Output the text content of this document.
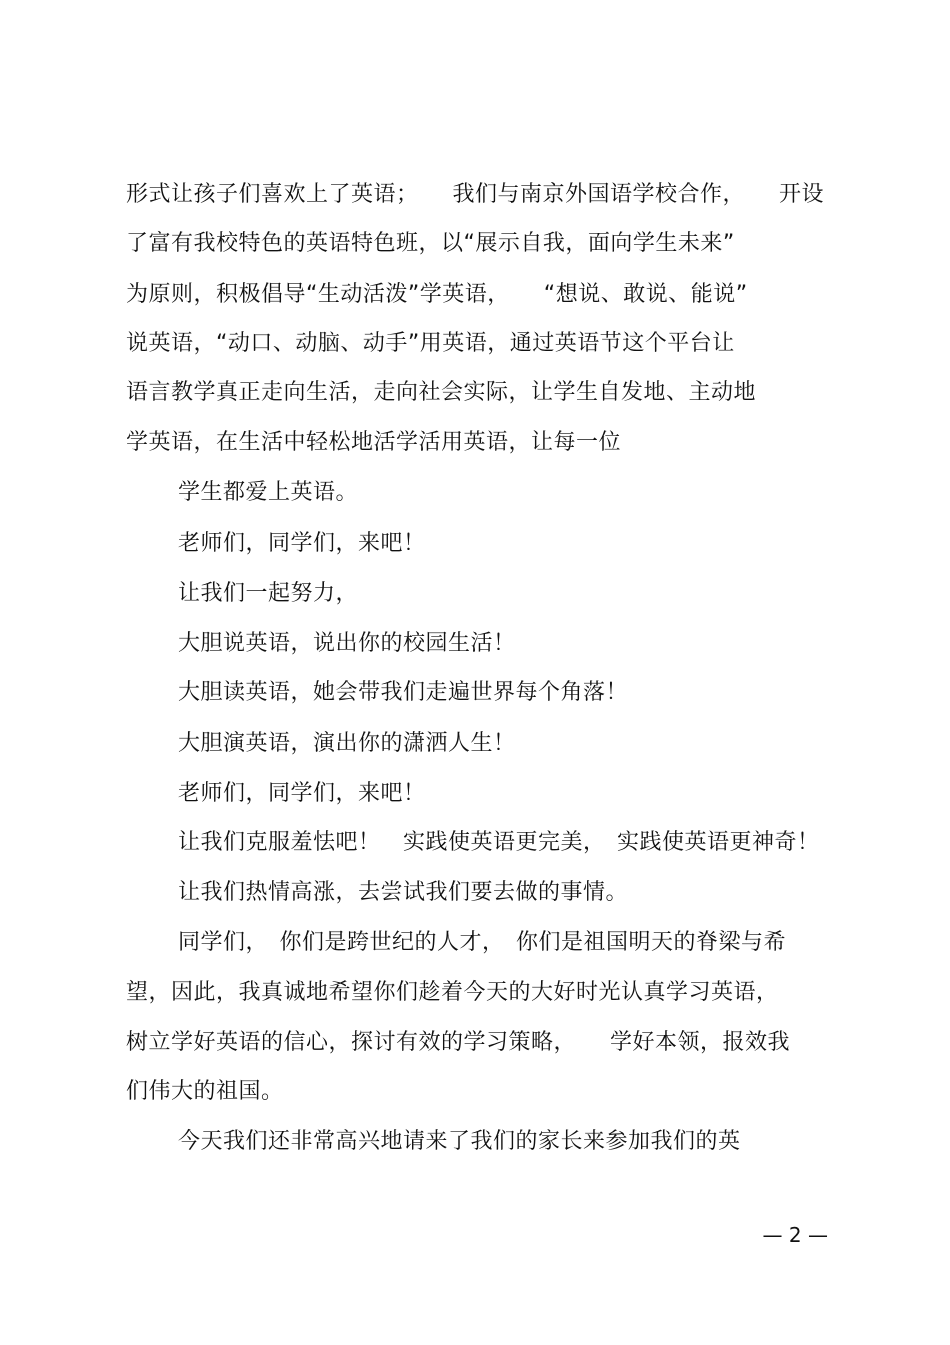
形式让孩子们喜欢上了英语；　　我们与南京外国语学校合作，　　开设
了富有我校特色的英语特色班，以“展示自我，面向学生未来”
为原则，积极倡导“生动活泼”学英语，　　“想说、敢说、能说”
说英语，“动口、动脑、动手”用英语，通过英语节这个平台让
语言教学真正走向生活，走向社会实际，让学生自发地、主动地
学英语，在生活中轻松地活学活用英语，让每一位
学生都爱上英语。
老师们，同学们，来吧！
让我们一起努力，
大胆说英语，说出你的校园生活！
大胆读英语，她会带我们走遍世界每个角落！
大胆演英语，演出你的潇洒人生！
老师们，同学们，来吧！
让我们克服羞怯吧！　实践使英语更完美，　实践使英语更神奇！
让我们热情高涨，去尝试我们要去做的事情。
同学们，　你们是跨世纪的人才，　你们是祖国明天的脊梁与希
望，因此，我真诚地希望你们趁着今天的大好时光认真学习英语，
树立学好英语的信心，探讨有效的学习策略，　　学好本领，报效我
们伟大的祖国。
今天我们还非常高兴地请来了我们的家长来参加我们的英
— 2 —
